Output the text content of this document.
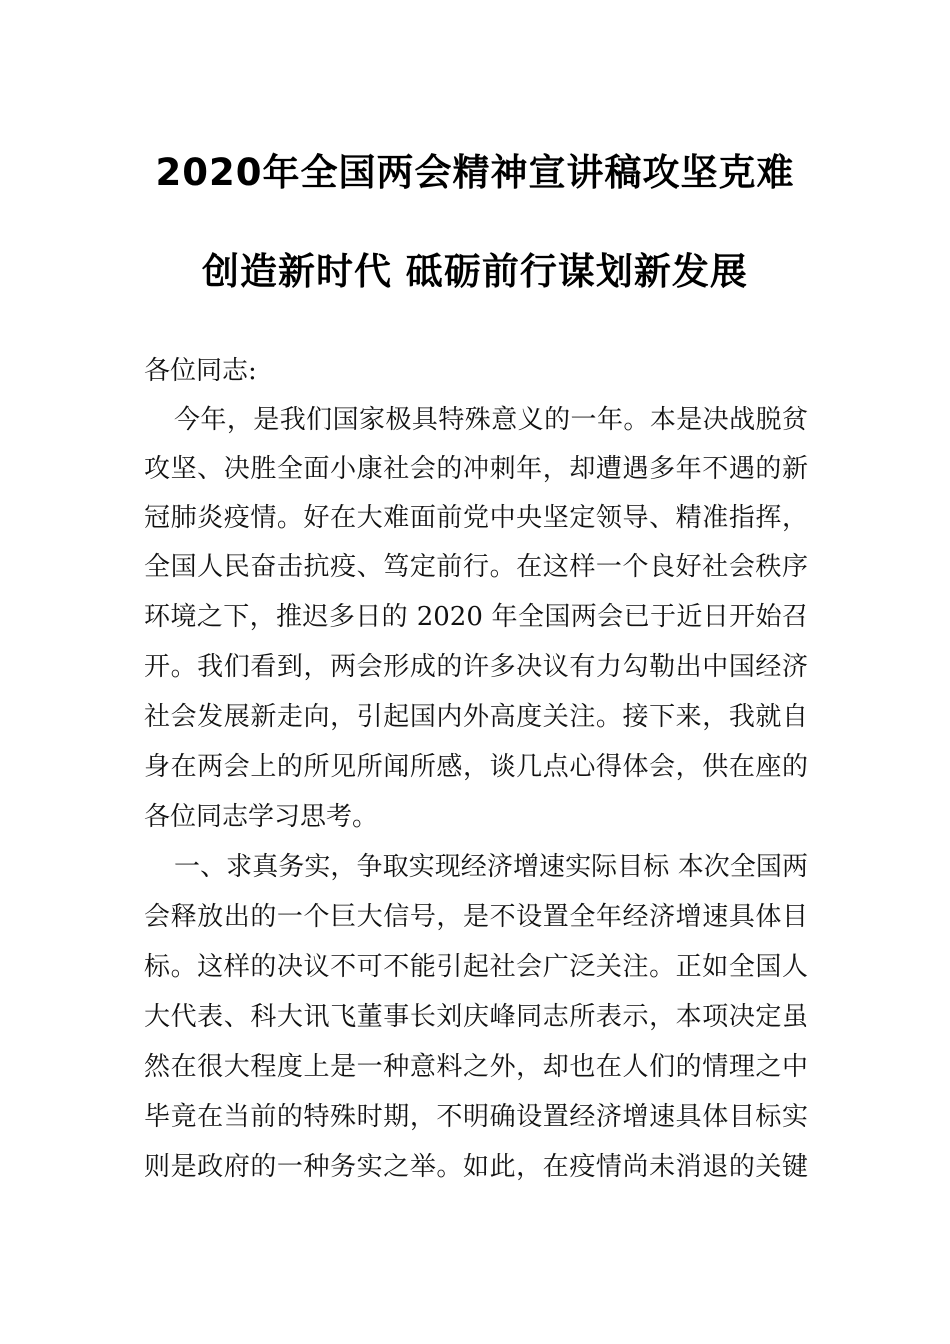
2020年全国两会精神宣讲稿攻坚克难
创造新时代 砥砺前行谋划新发展
各位同志:
今年，是我们国家极具特殊意义的一年。本是决战脱贫
攻坚、决胜全面小康社会的冲刺年，却遭遇多年不遇的新
冠肺炎疫情。好在大难面前党中央坚定领导、精准指挥，
全国人民奋击抗疫、笃定前行。在这样一个良好社会秩序
环境之下，推迟多日的 2020 年全国两会已于近日开始召
开。我们看到，两会形成的许多决议有力勾勒出中国经济
社会发展新走向，引起国内外高度关注。接下来，我就自
身在两会上的所见所闻所感，谈几点心得体会，供在座的
各位同志学习思考。
一、求真务实，争取实现经济增速实际目标 本次全国两
会释放出的一个巨大信号，是不设置全年经济增速具体目
标。这样的决议不可不能引起社会广泛关注。正如全国人
大代表、科大讯飞董事长刘庆峰同志所表示，本项决定虽
然在很大程度上是一种意料之外，却也在人们的情理之中
毕竟在当前的特殊时期，不明确设置经济增速具体目标实
则是政府的一种务实之举。如此，在疫情尚未消退的关键
